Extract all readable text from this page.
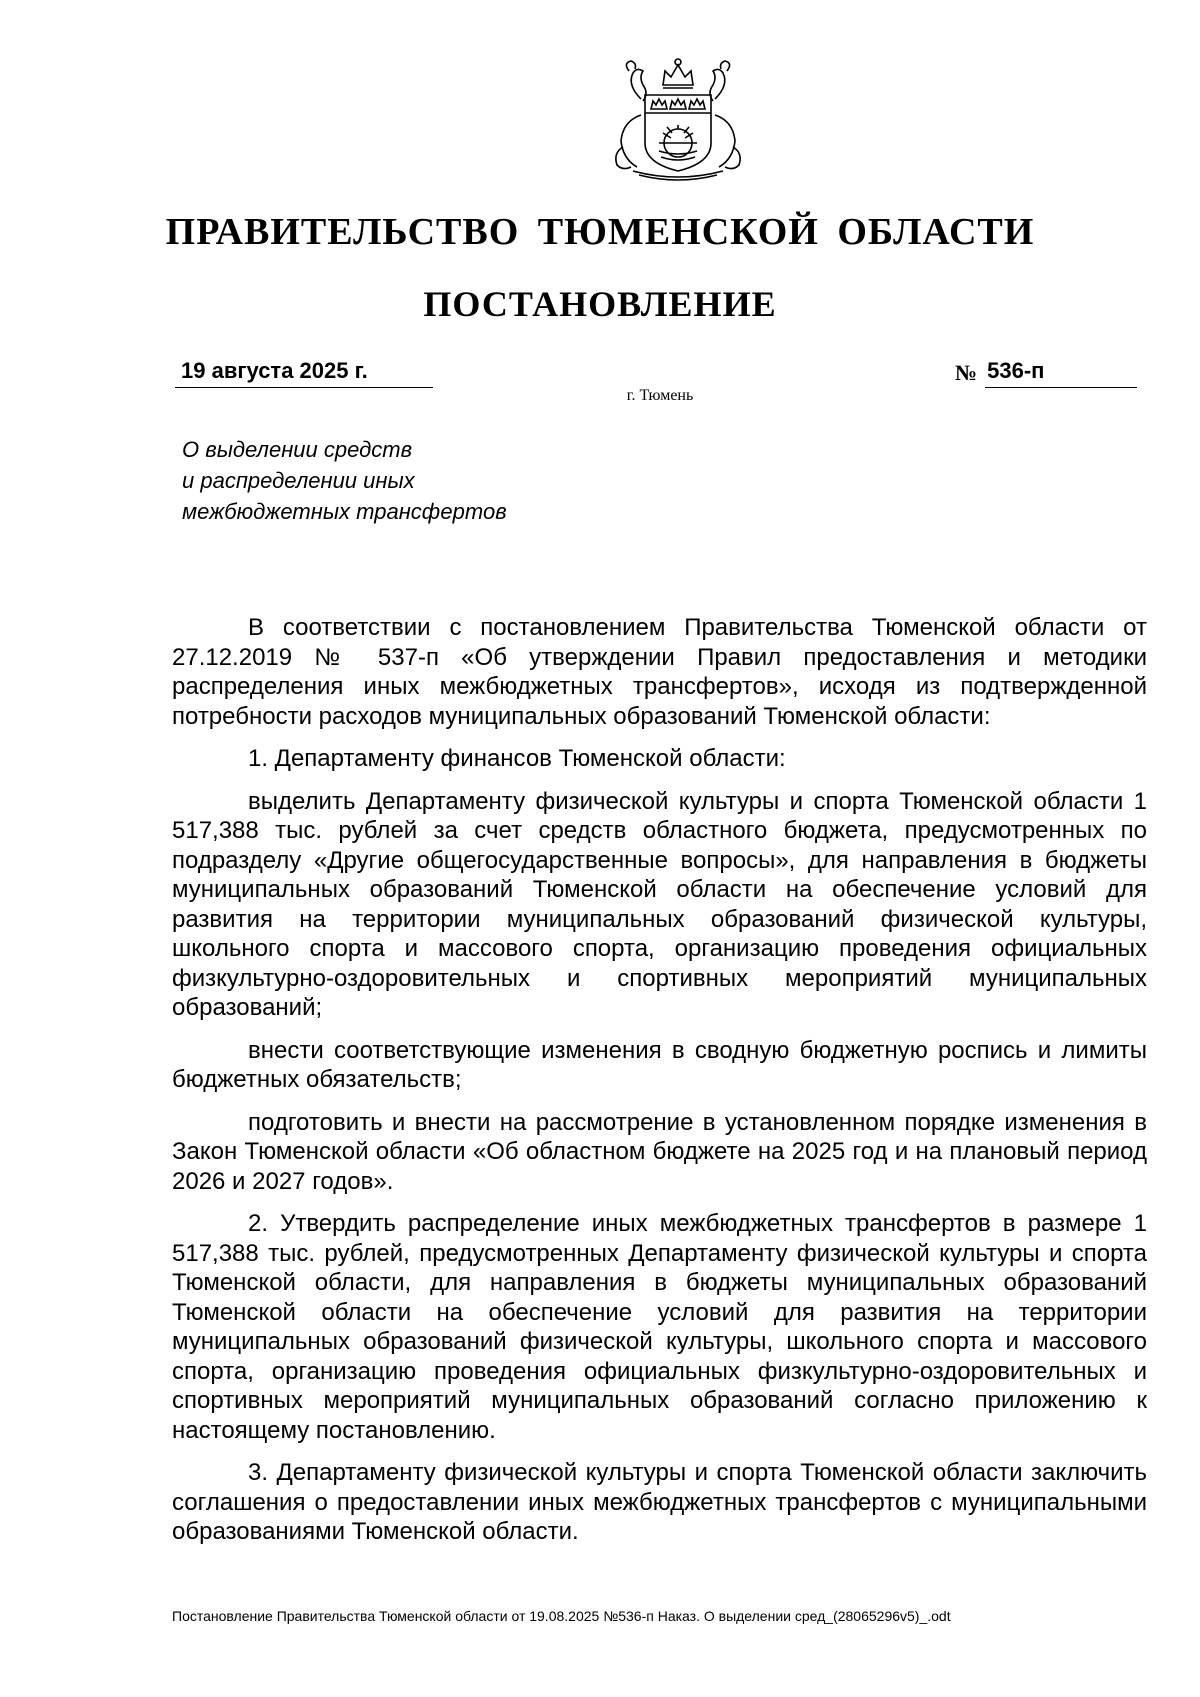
ПРАВИТЕЛЬСТВО ТЮМЕНСКОЙ ОБЛАСТИ
ПОСТАНОВЛЕНИЕ
19 августа 2025 г.	№ 536-п
г. Тюмень
О выделении средств
и распределении иных
межбюджетных трансфертов

В соответствии с постановлением Правительства Тюменской области от 27.12.2019 № 537-п «Об утверждении Правил предоставления и методики распределения иных межбюджетных трансфертов», исходя из подтвержденной потребности расходов муниципальных образований Тюменской области:

1. Департаменту финансов Тюменской области:

выделить Департаменту физической культуры и спорта Тюменской области 1 517,388 тыс. рублей за счет средств областного бюджета, предусмотренных по подразделу «Другие общегосударственные вопросы», для направления в бюджеты муниципальных образований Тюменской области на обеспечение условий для развития на территории муниципальных образований физической культуры, школьного спорта и массового спорта, организацию проведения официальных физкультурно-оздоровительных и спортивных мероприятий муниципальных образований;

внести соответствующие изменения в сводную бюджетную роспись и лимиты бюджетных обязательств;

подготовить и внести на рассмотрение в установленном порядке изменения в Закон Тюменской области «Об областном бюджете на 2025 год и на плановый период 2026 и 2027 годов».

2. Утвердить распределение иных межбюджетных трансфертов в размере 1 517,388 тыс. рублей, предусмотренных Департаменту физической культуры и спорта Тюменской области, для направления в бюджеты муниципальных образований Тюменской области на обеспечение условий для развития на территории муниципальных образований физической культуры, школьного спорта и массового спорта, организацию проведения официальных физкультурно-оздоровительных и спортивных мероприятий муниципальных образований согласно приложению к настоящему постановлению.

3. Департаменту физической культуры и спорта Тюменской области заключить соглашения о предоставлении иных межбюджетных трансфертов с муниципальными образованиями Тюменской области.

Постановление Правительства Тюменской области от 19.08.2025 №536-п Наказ. О выделении сред_(28065296v5)_.odt
